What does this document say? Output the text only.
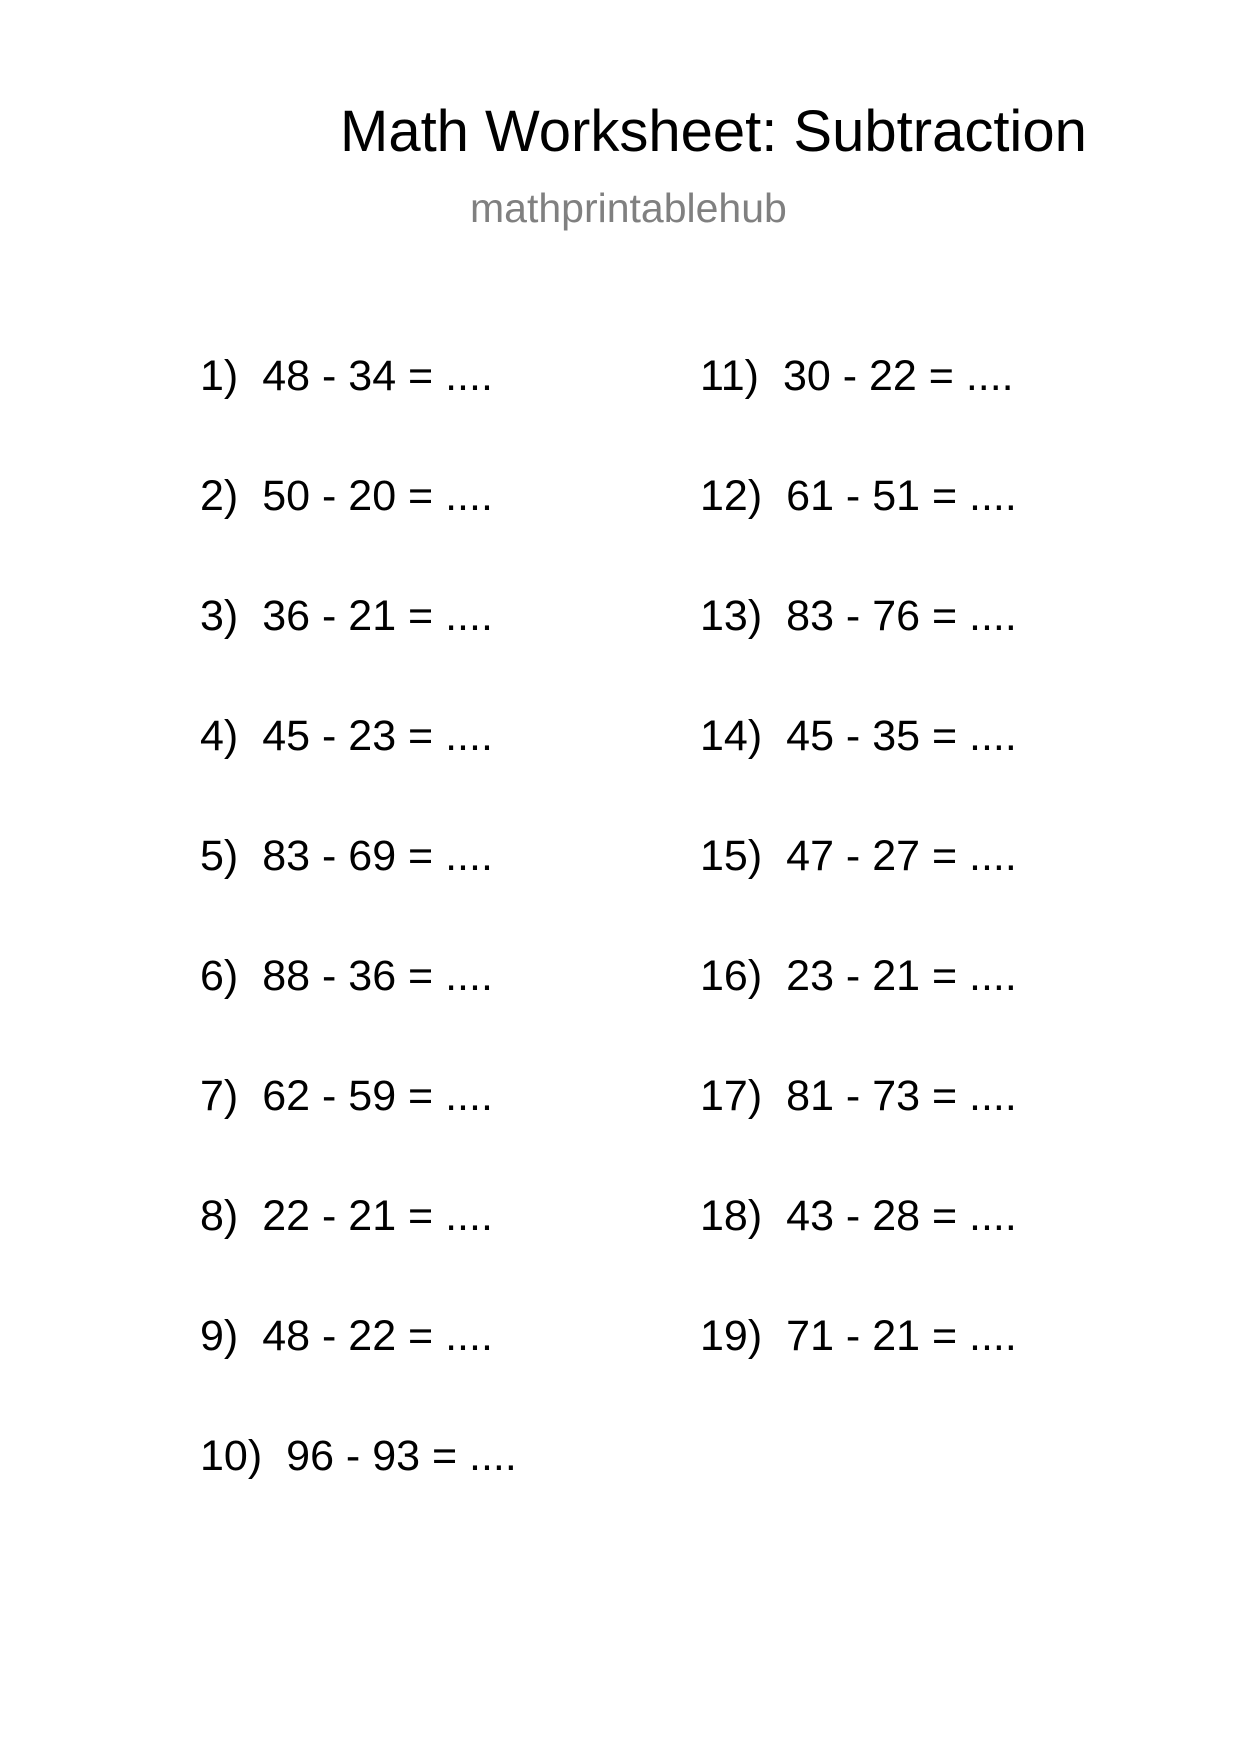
Math Worksheet: Subtraction
mathprintablehub
1) 48 - 34 = ....
2) 50 - 20 = ....
3) 36 - 21 = ....
4) 45 - 23 = ....
5) 83 - 69 = ....
6) 88 - 36 = ....
7) 62 - 59 = ....
8) 22 - 21 = ....
9) 48 - 22 = ....
10) 96 - 93 = ....
11) 30 - 22 = ....
12) 61 - 51 = ....
13) 83 - 76 = ....
14) 45 - 35 = ....
15) 47 - 27 = ....
16) 23 - 21 = ....
17) 81 - 73 = ....
18) 43 - 28 = ....
19) 71 - 21 = ....
